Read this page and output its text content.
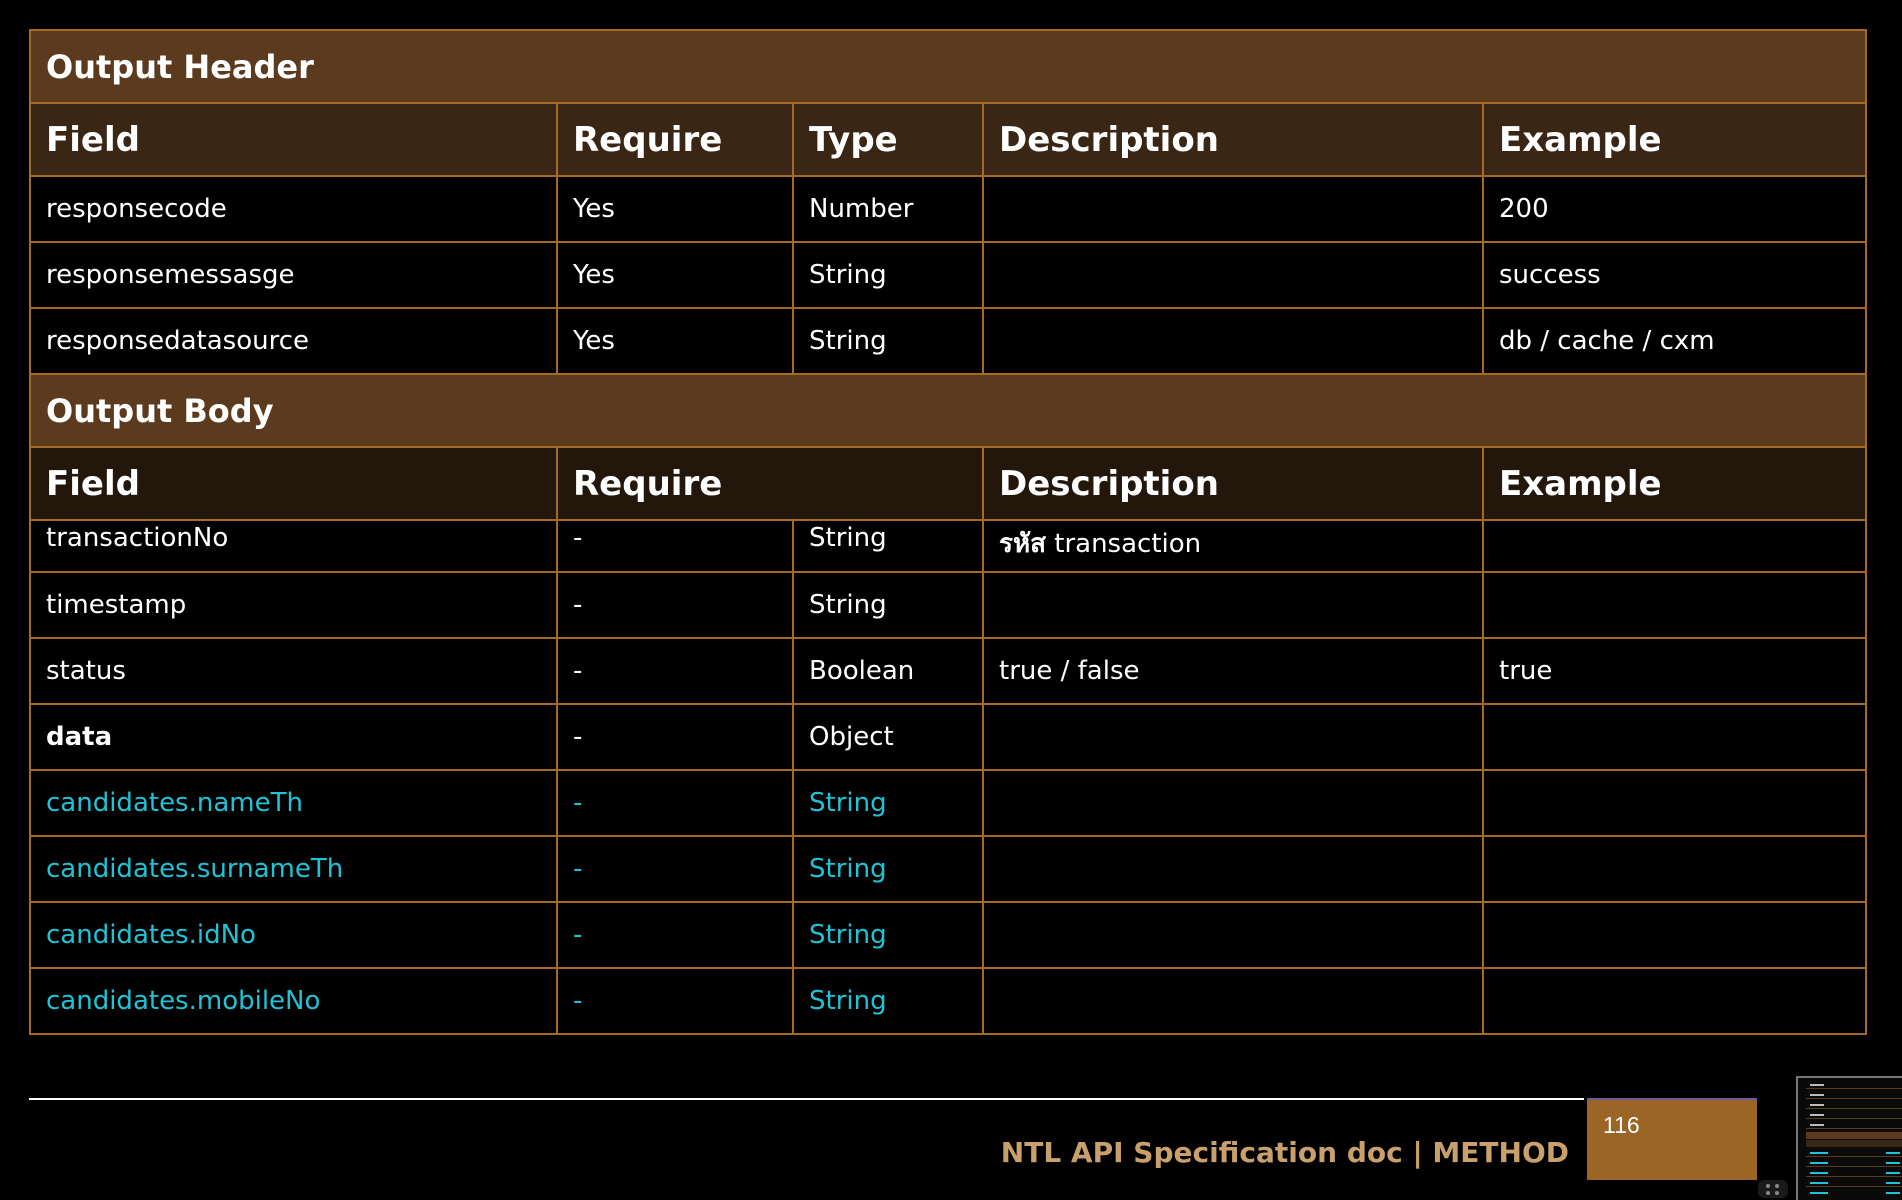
Output Header				
Field	Require	Type	Description	Example
responsecode	Yes	Number		200
responsemessasge	Yes	String		success
responsedatasource	Yes	String		db / cache / cxm
Output Body				
Field	Require		Description	Example
transactionNo	-	String	รหัส transaction	
timestamp	-	String		
status	-	Boolean	true / false	true
data	-	Object		
candidates.nameTh	-	String		
candidates.surnameTh	-	String		
candidates.idNo	-	String		
candidates.mobileNo	-	String		
NTL API Specification doc | METHOD
116
